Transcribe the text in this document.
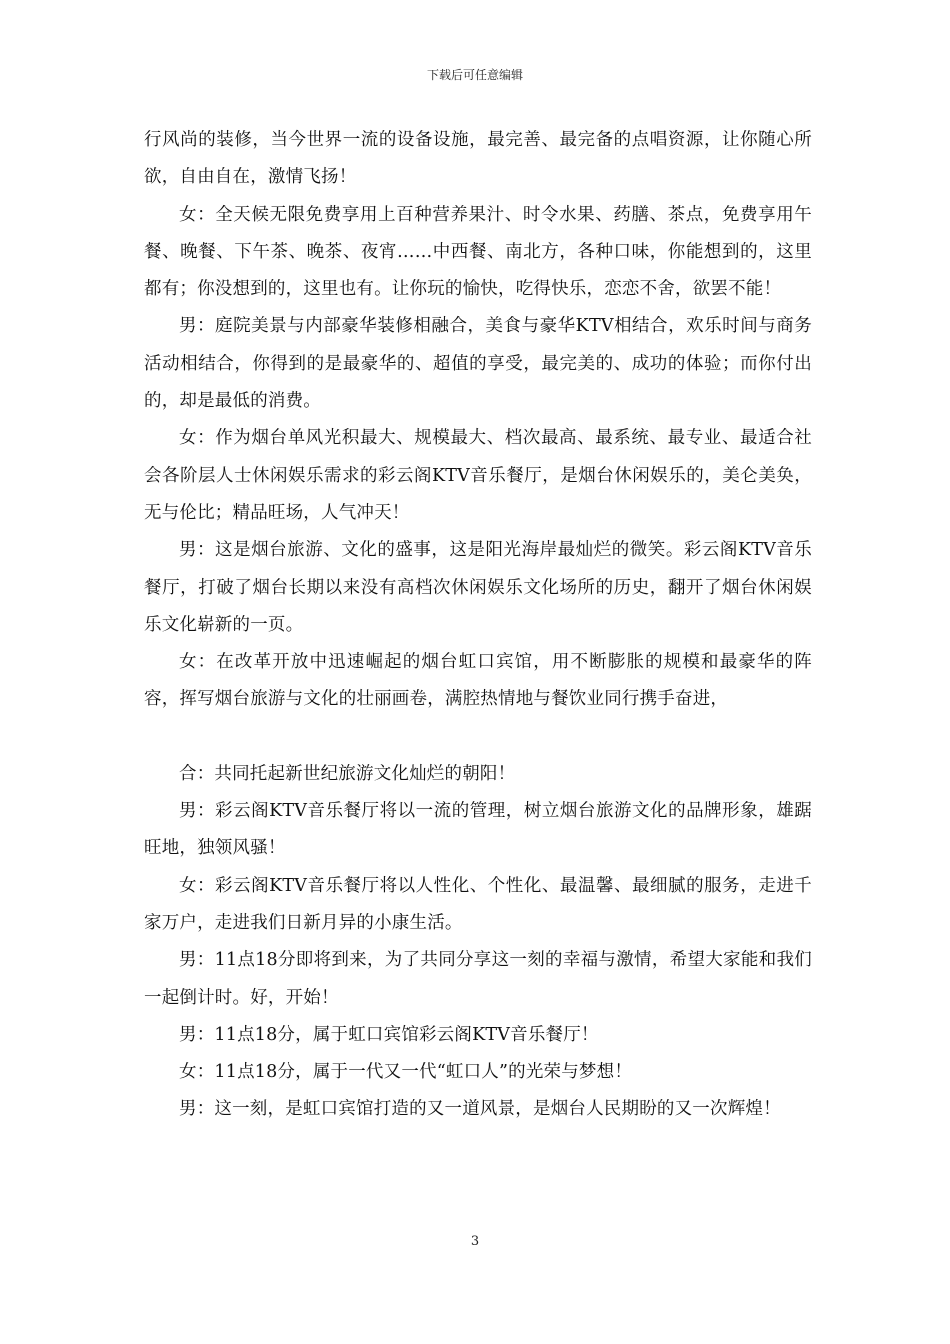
下载后可任意编辑

行风尚的装修，当今世界一流的设备设施，最完善、最完备的点唱资源，让你随心所欲，自由自在，激情飞扬！

女：全天候无限免费享用上百种营养果汁、时令水果、药膳、茶点，免费享用午餐、晚餐、下午茶、晚茶、夜宵……中西餐、南北方，各种口味，你能想到的，这里都有；你没想到的，这里也有。让你玩的愉快，吃得快乐，恋恋不舍，欲罢不能！

男：庭院美景与内部豪华装修相融合，美食与豪华KTV相结合，欢乐时间与商务活动相结合，你得到的是最豪华的、超值的享受，最完美的、成功的体验；而你付出的，却是最低的消费。

女：作为烟台单风光积最大、规模最大、档次最高、最系统、最专业、最适合社会各阶层人士休闲娱乐需求的彩云阁KTV音乐餐厅，是烟台休闲娱乐的，美仑美奂，无与伦比；精品旺场，人气冲天！

男：这是烟台旅游、文化的盛事，这是阳光海岸最灿烂的微笑。彩云阁KTV音乐餐厅，打破了烟台长期以来没有高档次休闲娱乐文化场所的历史，翻开了烟台休闲娱乐文化崭新的一页。

女：在改革开放中迅速崛起的烟台虹口宾馆，用不断膨胀的规模和最豪华的阵容，挥写烟台旅游与文化的壮丽画卷，满腔热情地与餐饮业同行携手奋进，

合：共同托起新世纪旅游文化灿烂的朝阳！

男：彩云阁KTV音乐餐厅将以一流的管理，树立烟台旅游文化的品牌形象，雄踞旺地，独领风骚！

女：彩云阁KTV音乐餐厅将以人性化、个性化、最温馨、最细腻的服务，走进千家万户，走进我们日新月异的小康生活。

男：11点18分即将到来，为了共同分享这一刻的幸福与激情，希望大家能和我们一起倒计时。好，开始！

男：11点18分，属于虹口宾馆彩云阁KTV音乐餐厅！

女：11点18分，属于一代又一代“虹口人”的光荣与梦想！

男：这一刻，是虹口宾馆打造的又一道风景，是烟台人民期盼的又一次辉煌！

3
